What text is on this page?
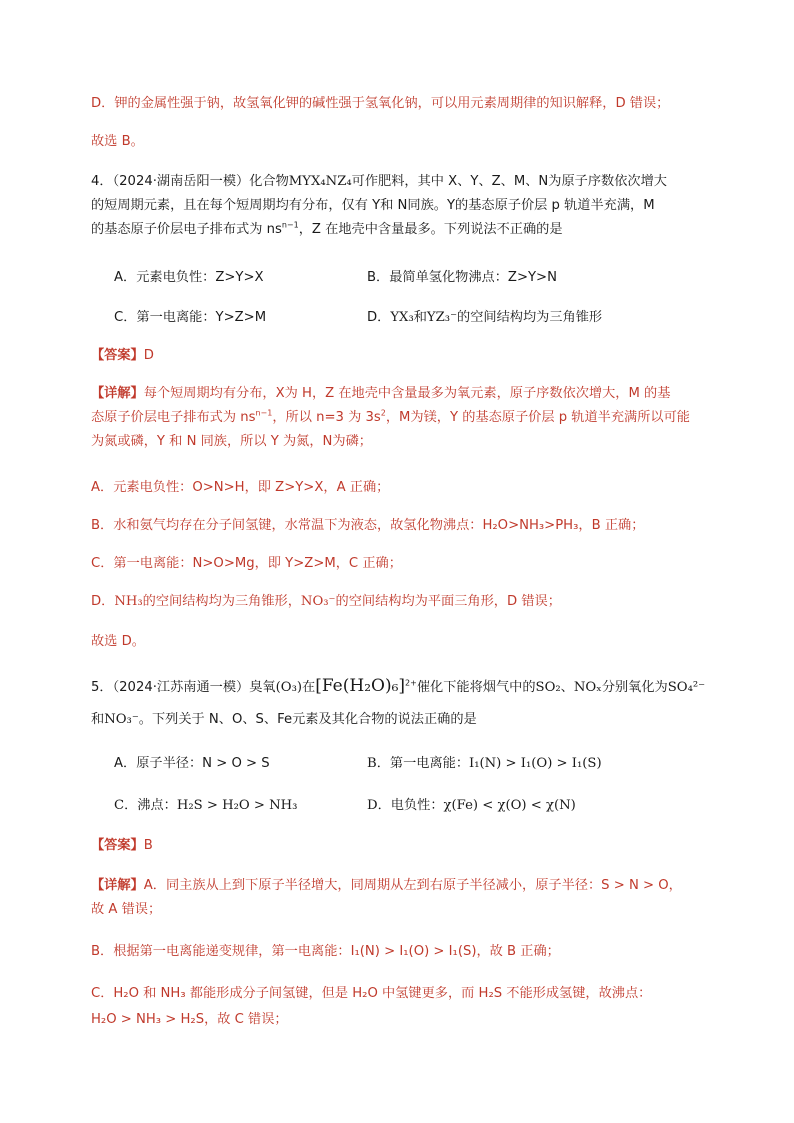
D．钾的金属性强于钠，故氢氧化钾的碱性强于氢氧化钠，可以用元素周期律的知识解释，D 错误；
故选 B。
4．（2024·湖南岳阳一模）化合物MYX₄NZ₄可作肥料，其中 X、Y、Z、M、N为原子序数依次增大
的短周期元素，且在每个短周期均有分布，仅有 Y和 N同族。Y的基态原子价层 p 轨道半充满，M
的基态原子价层电子排布式为 $ns^{n-1}$，Z 在地壳中含量最多。下列说法不正确的是
A．元素电负性：Z>Y>X	B．最简单氢化物沸点：Z>Y>N
C．第一电离能：Y>Z>M	D．YX₃和YZ₃⁻的空间结构均为三角锥形
【答案】D
【详解】每个短周期均有分布，X为 H，Z 在地壳中含量最多为氧元素，原子序数依次增大，M 的基
态原子价层电子排布式为 $ns^{n-1}$，所以 n=3 为 $3s^2$，M为镁，Y 的基态原子价层 p 轨道半充满所以可能
为氮或磷，Y 和 N 同族，所以 Y 为氮，N为磷；
A．元素电负性：O>N>H，即 Z>Y>X，A 正确；
B．水和氨气均存在分子间氢键，水常温下为液态，故氢化物沸点：H₂O>NH₃>PH₃，B 正确；
C．第一电离能：N>O>Mg，即 Y>Z>M，C 正确；
D．NH₃的空间结构均为三角锥形，NO₃⁻的空间结构均为平面三角形，D 错误；
故选 D。
5．（2024·江苏南通一模）臭氧(O₃)在$[Fe(H_2O)_6]^{2+}$催化下能将烟气中的SO₂、NOₓ分别氧化为SO₄²⁻
和NO₃⁻。下列关于 N、O、S、Fe元素及其化合物的说法正确的是
A．原子半径：N > O > S	B．第一电离能：I₁(N) > I₁(O) > I₁(S)
C．沸点：H₂S > H₂O > NH₃	D．电负性：χ(Fe) < χ(O) < χ(N)
【答案】B
【详解】A．同主族从上到下原子半径增大，同周期从左到右原子半径减小，原子半径：S > N > O，
故 A 错误；
B．根据第一电离能递变规律，第一电离能：I₁(N) > I₁(O) > I₁(S)，故 B 正确；
C．H₂O 和 NH₃ 都能形成分子间氢键，但是 H₂O 中氢键更多，而 H₂S 不能形成氢键，故沸点：
H₂O > NH₃ > H₂S，故 C 错误；
